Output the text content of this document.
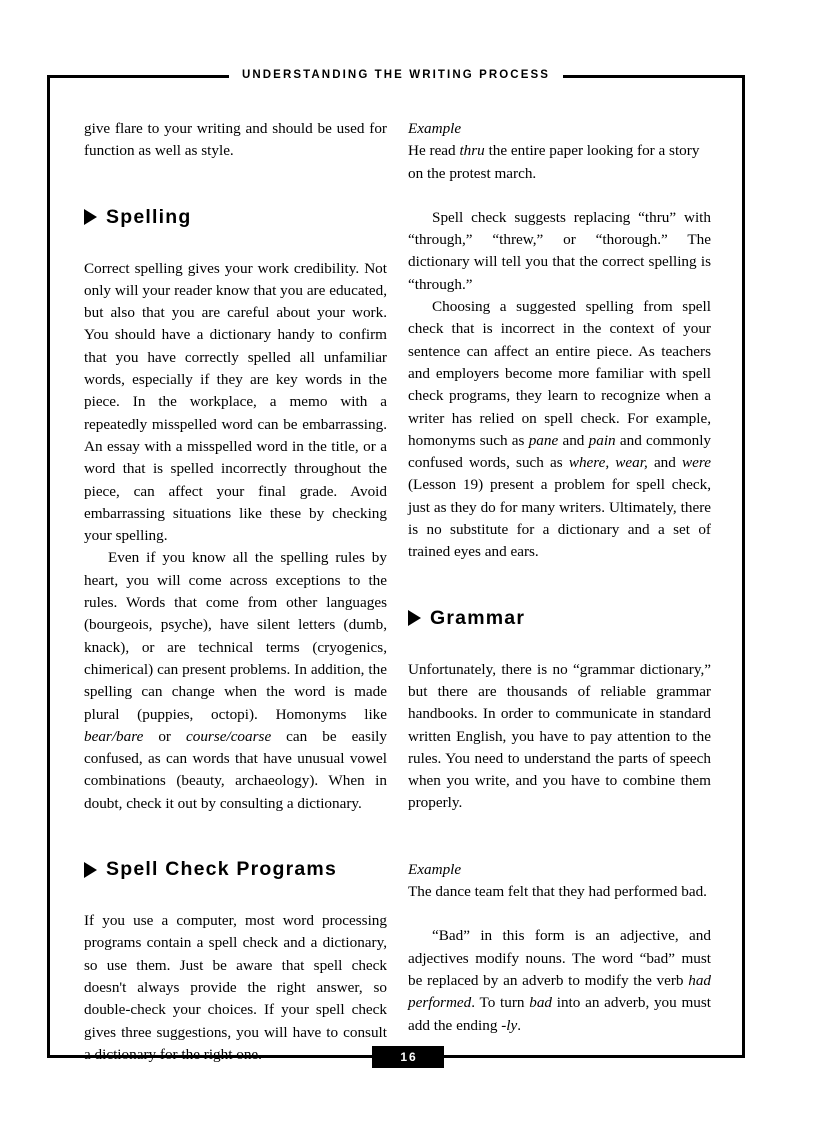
UNDERSTANDING THE WRITING PROCESS

give flare to your writing and should be used for function as well as style.

Spelling

Correct spelling gives your work credibility. Not only will your reader know that you are educated, but also that you are careful about your work. You should have a dictionary handy to confirm that you have correctly spelled all unfamiliar words, especially if they are key words in the piece. In the workplace, a memo with a repeatedly misspelled word can be embarrassing. An essay with a misspelled word in the title, or a word that is spelled incorrectly throughout the piece, can affect your final grade. Avoid embarrassing situations like these by checking your spelling.

Even if you know all the spelling rules by heart, you will come across exceptions to the rules. Words that come from other languages (bourgeois, psyche), have silent letters (dumb, knack), or are technical terms (cryogenics, chimerical) can present problems. In addition, the spelling can change when the word is made plural (puppies, octopi). Homonyms like bear/bare or course/coarse can be easily confused, as can words that have unusual vowel combinations (beauty, archaeology). When in doubt, check it out by consulting a dictionary.

Spell Check Programs

If you use a computer, most word processing programs contain a spell check and a dictionary, so use them. Just be aware that spell check doesn't always provide the right answer, so double-check your choices. If your spell check gives three suggestions, you will have to consult a dictionary for the right one.

Example

He read thru the entire paper looking for a story on the protest march.

Spell check suggests replacing “thru” with “through,” “threw,” or “thorough.” The dictionary will tell you that the correct spelling is “through.”

Choosing a suggested spelling from spell check that is incorrect in the context of your sentence can affect an entire piece. As teachers and employers become more familiar with spell check programs, they learn to recognize when a writer has relied on spell check. For example, homonyms such as pane and pain and commonly confused words, such as where, wear, and were (Lesson 19) present a problem for spell check, just as they do for many writers. Ultimately, there is no substitute for a dictionary and a set of trained eyes and ears.

Grammar

Unfortunately, there is no “grammar dictionary,” but there are thousands of reliable grammar handbooks. In order to communicate in standard written English, you have to pay attention to the rules. You need to understand the parts of speech when you write, and you have to combine them properly.

Example

The dance team felt that they had performed bad.

“Bad” in this form is an adjective, and adjectives modify nouns. The word “bad” must be replaced by an adverb to modify the verb had performed. To turn bad into an adverb, you must add the ending -ly.

16
